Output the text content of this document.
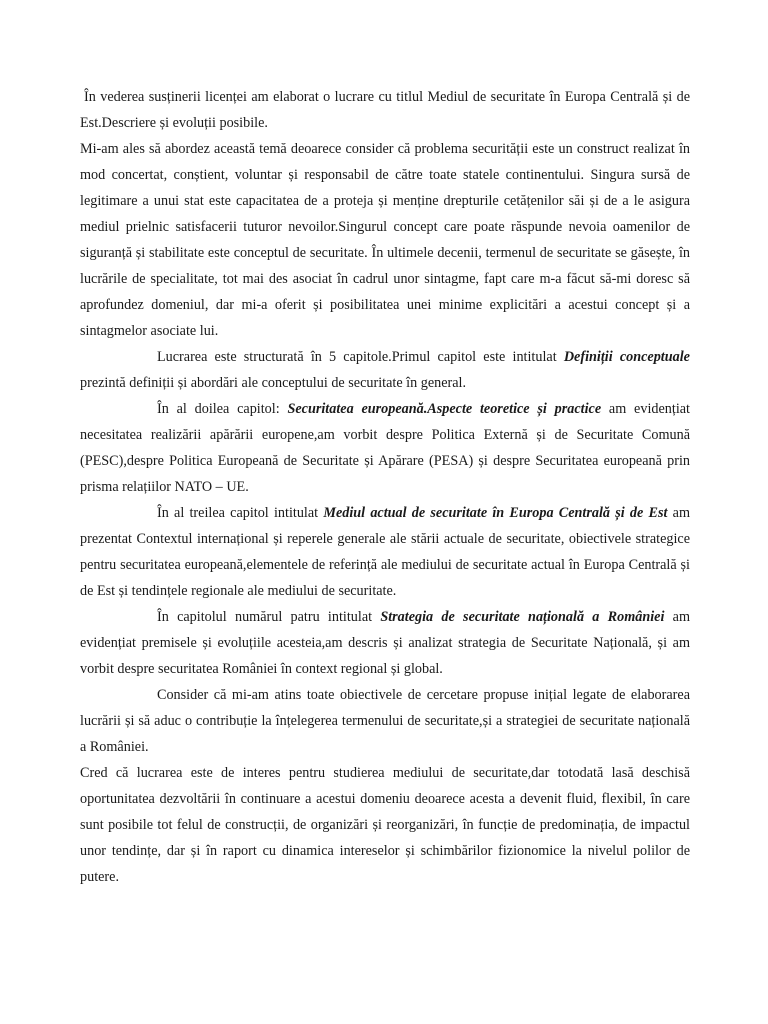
În vederea susținerii licenței am elaborat o lucrare cu titlul Mediul de securitate în Europa Centrală și de Est.Descriere și evoluții posibile.

Mi-am ales să abordez această temă deoarece consider că problema securității este un construct realizat în mod concertat, conștient, voluntar și responsabil de către toate statele continentului. Singura sursă de legitimare a unui stat este capacitatea de a proteja și menține drepturile cetățenilor săi și de a le asigura mediul prielnic satisfacerii tuturor nevoilor.Singurul concept care poate răspunde nevoia oamenilor de siguranță și stabilitate este conceptul de securitate. În ultimele decenii, termenul de securitate se găsește, în lucrările de specialitate, tot mai des asociat în cadrul unor sintagme, fapt care m-a făcut să-mi doresc să aprofundez domeniul, dar mi-a oferit și posibilitatea unei minime explicitări a acestui concept și a sintagmelor asociate lui.

Lucrarea este structurată în 5 capitole.Primul capitol este intitulat Definiții conceptuale prezintă definiții și abordări ale conceptului de securitate în general.

În al doilea capitol: Securitatea europeană.Aspecte teoretice și practice am evidențiat necesitatea realizării apărării europene,am vorbit despre Politica Externă și de Securitate Comună (PESC),despre Politica Europeană de Securitate și Apărare (PESA) și despre Securitatea europeană prin prisma relațiilor NATO – UE.

În al treilea capitol intitulat Mediul actual de securitate în Europa Centrală și de Est am prezentat Contextul internațional și reperele generale ale stării actuale de securitate, obiectivele strategice pentru securitatea europeană,elementele de referință ale mediului de securitate actual în Europa Centrală și de Est și tendințele regionale ale mediului de securitate.

În capitolul numărul patru intitulat Strategia de securitate națională a României am evidențiat premisele și evoluțiile acesteia,am descris și analizat strategia de Securitate Națională, și am vorbit despre securitatea României în context regional și global.

Consider că mi-am atins toate obiectivele de cercetare propuse inițial legate de elaborarea lucrării și să aduc o contribuție la înțelegerea termenului de securitate,și a strategiei de securitate națională a României.

Cred că lucrarea este de interes pentru studierea mediului de securitate,dar totodată lasă deschisă oportunitatea dezvoltării în continuare a acestui domeniu deoarece acesta a devenit fluid, flexibil, în care sunt posibile tot felul de construcții, de organizări și reorganizări, în funcție de predominația, de impactul unor tendințe, dar și în raport cu dinamica intereselor și schimbărilor fizionomice la nivelul polilor de putere.
